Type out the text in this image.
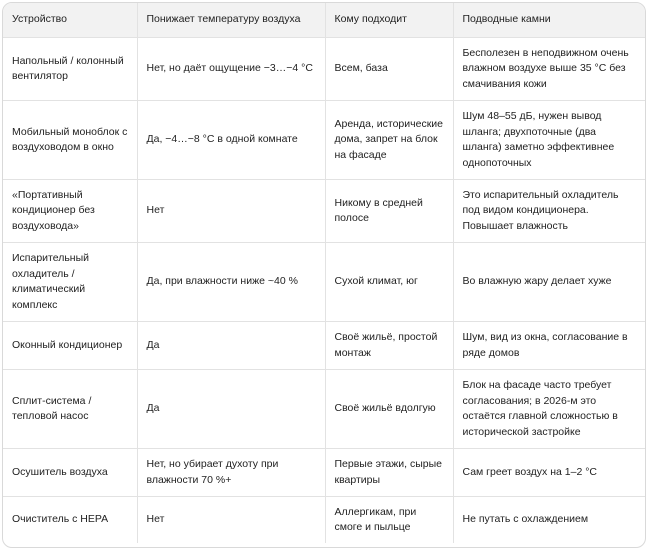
Устройство	Понижает температуру воздуха	Кому подходит	Подводные камни
Напольный / колонный вентилятор	Нет, но даёт ощущение −3…−4 °C	Всем, база	Бесполезен в неподвижном очень влажном воздухе выше 35 °C без смачивания кожи
Мобильный моноблок с воздуховодом в окно	Да, −4…−8 °C в одной комнате	Аренда, исторические дома, запрет на блок на фасаде	Шум 48–55 дБ, нужен вывод шланга; двухпоточные (два шланга) заметно эффективнее однопоточных
«Портативный кондиционер без воздуховода»	Нет	Никому в средней полосе	Это испарительный охладитель под видом кондиционера. Повышает влажность
Испарительный охладитель / климатический комплекс	Да, при влажности ниже ~40 %	Сухой климат, юг	Во влажную жару делает хуже
Оконный кондиционер	Да	Своё жильё, простой монтаж	Шум, вид из окна, согласование в ряде домов
Сплит-система / тепловой насос	Да	Своё жильё вдолгую	Блок на фасаде часто требует согласования; в 2026-м это остаётся главной сложностью в исторической застройке
Осушитель воздуха	Нет, но убирает духоту при влажности 70 %+	Первые этажи, сырые квартиры	Сам греет воздух на 1–2 °C
Очиститель с HEPA	Нет	Аллергикам, при смоге и пыльце	Не путать с охлаждением
